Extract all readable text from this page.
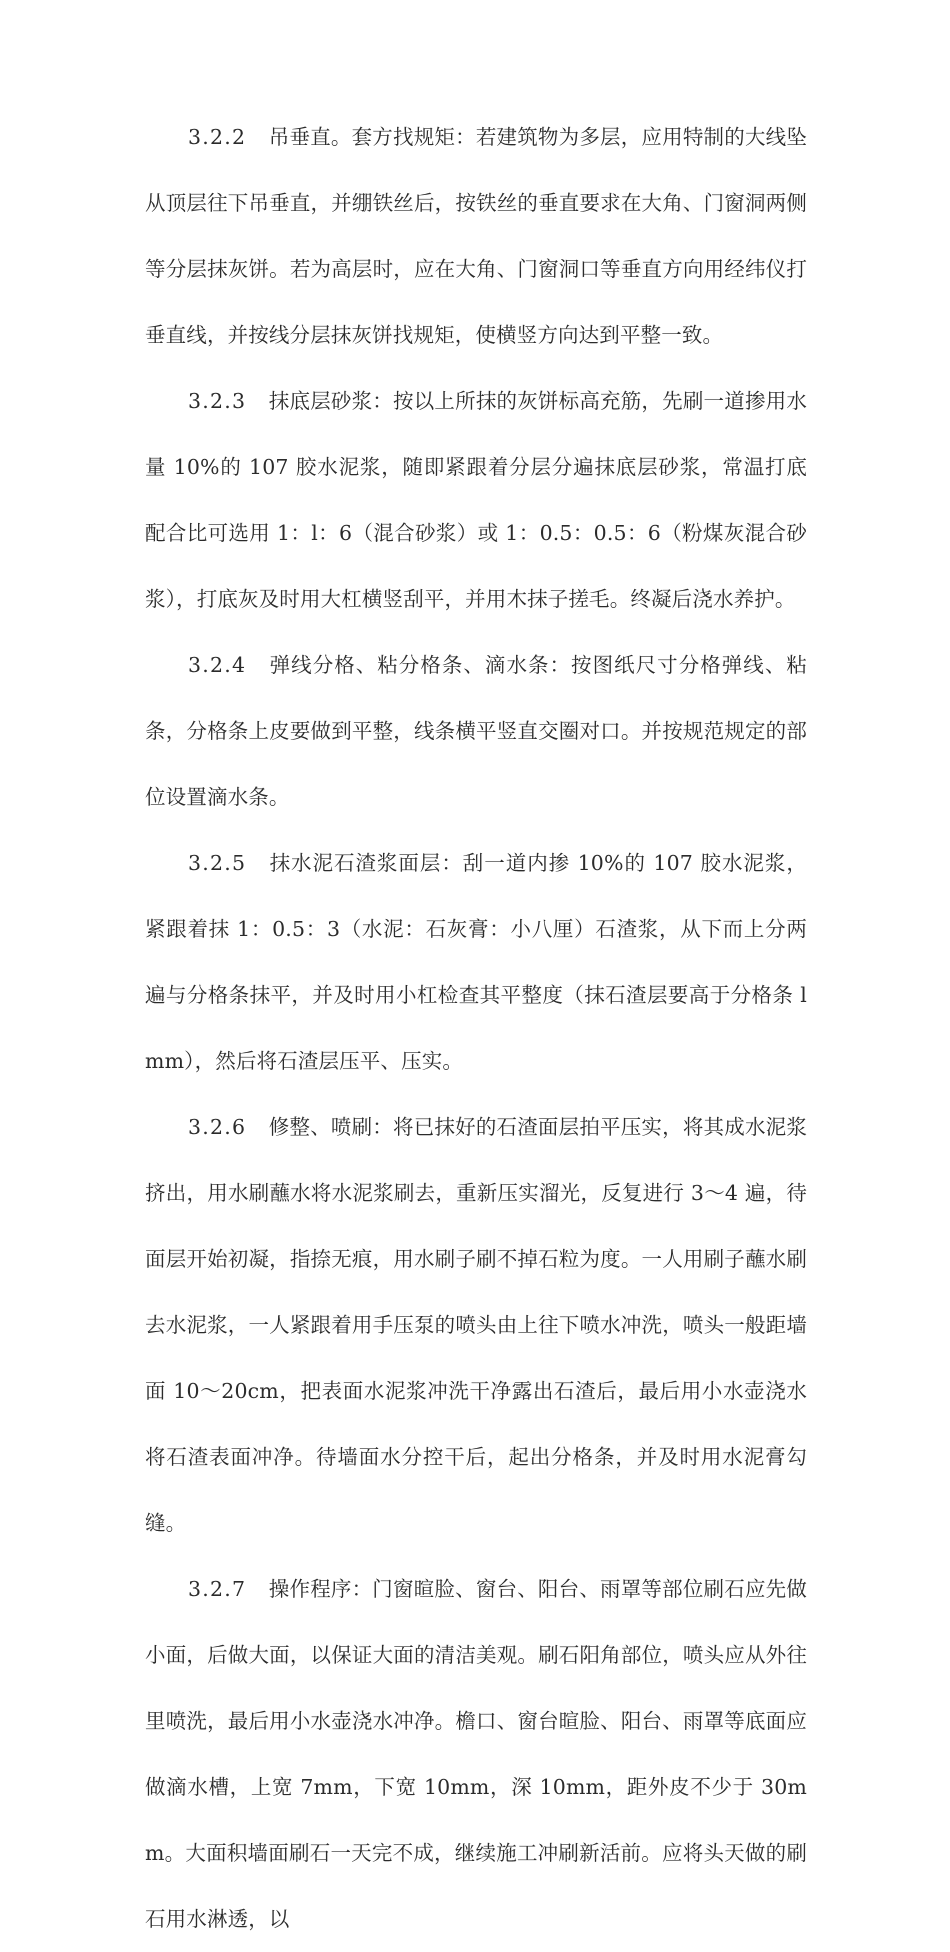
3.2.2 吊垂直。套方找规矩：若建筑物为多层，应用特制的大线坠从顶层往下吊垂直，并绷铁丝后，按铁丝的垂直要求在大角、门窗洞两侧等分层抹灰饼。若为高层时，应在大角、门窗洞口等垂直方向用经纬仪打垂直线，并按线分层抹灰饼找规矩，使横竖方向达到平整一致。

3.2.3 抹底层砂浆：按以上所抹的灰饼标高充筋，先刷一道掺用水量 10%的 107 胶水泥浆，随即紧跟着分层分遍抹底层砂浆，常温打底配合比可选用 1：l：6（混合砂浆）或 1：0.5：0.5：6（粉煤灰混合砂浆），打底灰及时用大杠横竖刮平，并用木抹子搓毛。终凝后浇水养护。

3.2.4 弹线分格、粘分格条、滴水条：按图纸尺寸分格弹线、粘条，分格条上皮要做到平整，线条横平竖直交圈对口。并按规范规定的部位设置滴水条。

3.2.5 抹水泥石渣浆面层：刮一道内掺 10%的 107 胶水泥浆，紧跟着抹 1：0.5：3（水泥：石灰膏：小八厘）石渣浆，从下而上分两遍与分格条抹平，并及时用小杠检查其平整度（抹石渣层要高于分格条 lmm），然后将石渣层压平、压实。

3.2.6 修整、喷刷：将已抹好的石渣面层拍平压实，将其成水泥浆挤出，用水刷蘸水将水泥浆刷去，重新压实溜光，反复进行 3～4 遍，待面层开始初凝，指捺无痕，用水刷子刷不掉石粒为度。一人用刷子蘸水刷去水泥浆，一人紧跟着用手压泵的喷头由上往下喷水冲洗，喷头一般距墙面 10～20cm，把表面水泥浆冲洗干净露出石渣后，最后用小水壶浇水将石渣表面冲净。待墙面水分控干后，起出分格条，并及时用水泥膏勾缝。

3.2.7 操作程序：门窗暄脸、窗台、阳台、雨罩等部位刷石应先做小面，后做大面，以保证大面的清洁美观。刷石阳角部位，喷头应从外往里喷洗，最后用小水壶浇水冲净。檐口、窗台暄脸、阳台、雨罩等底面应做滴水槽，上宽 7mm，下宽 10mm，深 10mm，距外皮不少于 30mm。大面积墙面刷石一天完不成，继续施工冲刷新活前。应将头天做的刷石用水淋透，以
